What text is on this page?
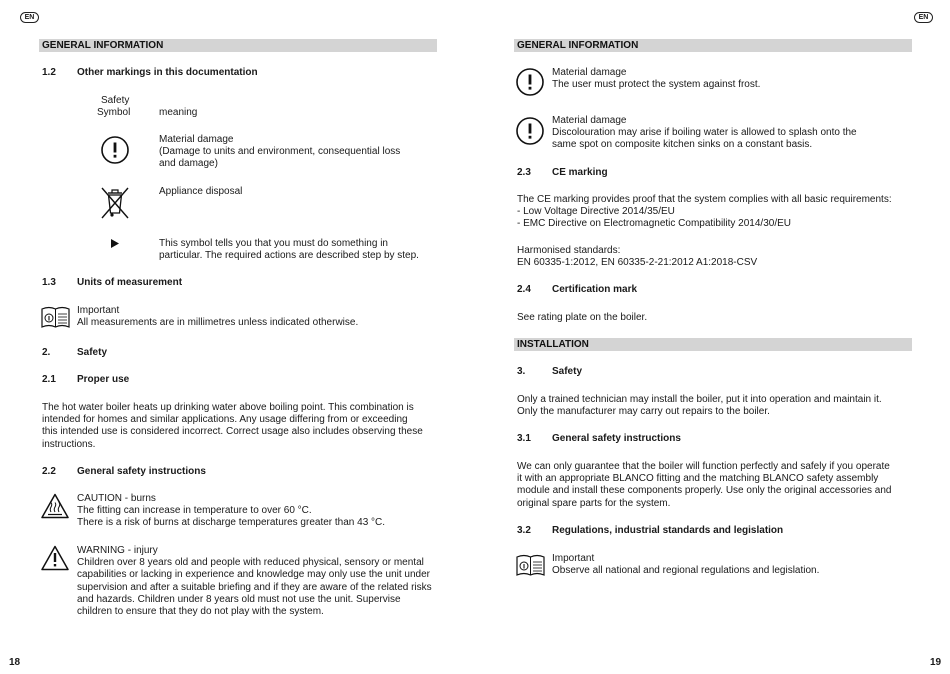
EN	EN
GENERAL INFORMATION
1.2 Other markings in this documentation
Safety
Symbol	meaning
Material damage
(Damage to units and environment, consequential loss
and damage)
Appliance disposal
This symbol tells you that you must do something in
particular. The required actions are described step by step.
1.3 Units of measurement
Important
All measurements are in millimetres unless indicated otherwise.
2.	Safety
2.1 Proper use
The hot water boiler heats up drinking water above boiling point. This combination is
intended for homes and similar applications. Any usage differing from or exceeding
this intended use is considered incorrect. Correct usage also includes observing these
instructions.
2.2 General safety instructions
CAUTION - burns
The fitting can increase in temperature to over 60 °C.
There is a risk of burns at discharge temperatures greater than 43 °C.
WARNING - injury
Children over 8 years old and people with reduced physical, sensory or mental
capabilities or lacking in experience and knowledge may only use the unit under
supervision and after a suitable briefing and if they are aware of the related risks
and hazards. Children under 8 years old must not use the unit. Supervise
children to ensure that they do not play with the system.
18
GENERAL INFORMATION
Material damage
The user must protect the system against frost.
Material damage
Discolouration may arise if boiling water is allowed to splash onto the
same spot on composite kitchen sinks on a constant basis.
2.3 CE marking
The CE marking provides proof that the system complies with all basic requirements:
- Low Voltage Directive 2014/35/EU
- EMC Directive on Electromagnetic Compatibility 2014/30/EU
Harmonised standards:
EN 60335-1:2012, EN 60335-2-21:2012 A1:2018-CSV
2.4 Certification mark
See rating plate on the boiler.
INSTALLATION
3.	Safety
Only a trained technician may install the boiler, put it into operation and maintain it.
Only the manufacturer may carry out repairs to the boiler.
3.1 General safety instructions
We can only guarantee that the boiler will function perfectly and safely if you operate
it with an appropriate BLANCO fitting and the matching BLANCO safety assembly
module and install these components properly. Use only the original accessories and
original spare parts for the system.
3.2 Regulations, industrial standards and legislation
Important
Observe all national and regional regulations and legislation.
19
